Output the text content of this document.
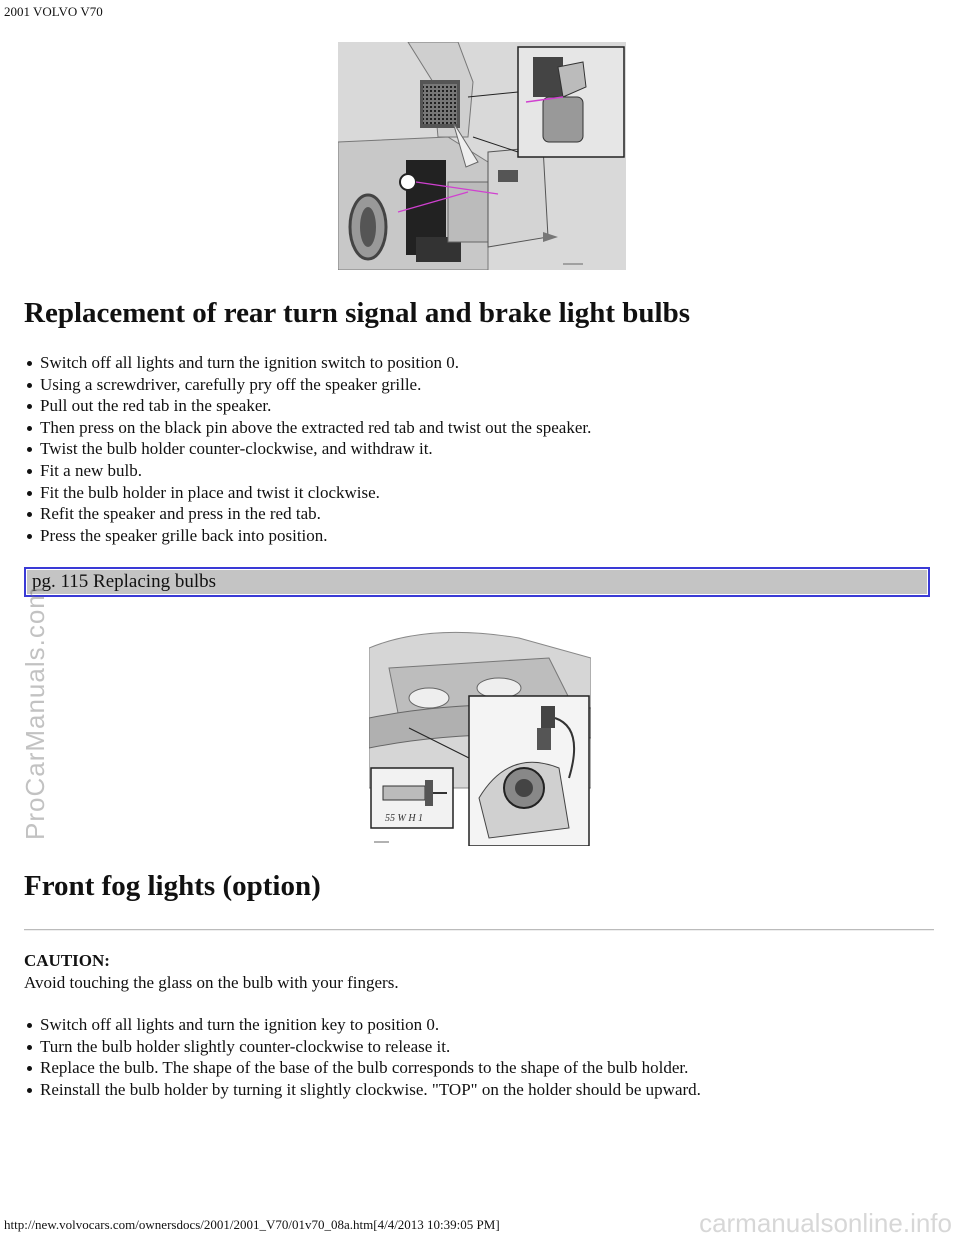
2001 VOLVO V70
Replacement of rear turn signal and brake light bulbs
Switch off all lights and turn the ignition switch to position 0.
Using a screwdriver, carefully pry off the speaker grille.
Pull out the red tab in the speaker.
Then press on the black pin above the extracted red tab and twist out the speaker.
Twist the bulb holder counter-clockwise, and withdraw it.
Fit a new bulb.
Fit the bulb holder in place and twist it clockwise.
Refit the speaker and press in the red tab.
Press the speaker grille back into position.
pg. 115 Replacing bulbs
55 W H 1
Front fog lights (option)
CAUTION:
Avoid touching the glass on the bulb with your fingers.
Switch off all lights and turn the ignition key to position 0.
Turn the bulb holder slightly counter-clockwise to release it.
Replace the bulb. The shape of the base of the bulb corresponds to the shape of the bulb holder.
Reinstall the bulb holder by turning it slightly clockwise. "TOP" on the holder should be upward.
http://new.volvocars.com/ownersdocs/2001/2001_V70/01v70_08a.htm[4/4/2013 10:39:05 PM]
ProCarManuals.com
carmanualsonline.info
